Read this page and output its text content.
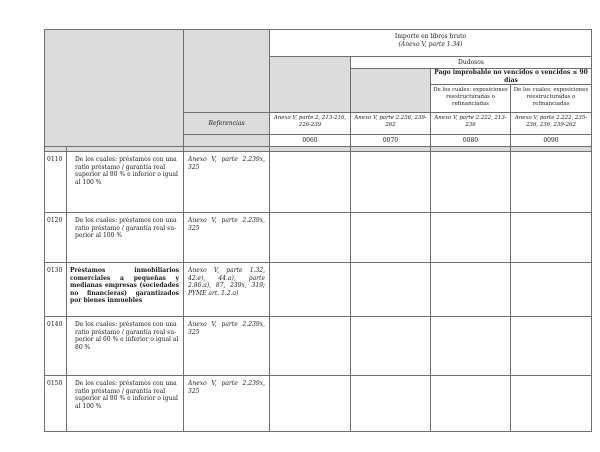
			Importe en libros bruto
(Anexo V, parte 1.34)			

				Dudosos		
					Pago improbable no vencidos o vencidos ≤ 90 días	
					De los cuales: exposiciones reestructuradas o refinanciadas	De los cuales: exposiciones reestructuradas o refinanciadas
		Referencias	Anexo V, parte 2, 213-216, 226-239	Anexo V, parte 2.236, 239-262	Anexo V, parte 2.222, 213-236	Anexo V, parte 2.222, 235-236, 236, 239-262
			0060	0070	0080	0090

0110	De los cuales: préstamos con una ratio préstamo / garantía real superior al 80 % e inferior o igual al 100 %	Anexo V, parte 2.239x, 325				
0120	De los cuales: préstamos con una ratio préstamo / garantía real superior al 100 %	Anexo V, parte 2.239x, 325				
0130	Préstamos inmobiliarios comerciales a pequeñas y medianas empresas (sociedades no financieras) garantizados por bienes inmuebles	Anexo V, parte 1.32, 42.e), 44.a), parte 2.86.a), 87, 239x, 319; PYME art. 1.2.a)				
0140	De los cuales: préstamos con una ratio préstamo / garantía real superior al 60 % e inferior o igual al 80 %	Anexo V, parte 2.239x, 325				
0150	De los cuales: préstamos con una ratio préstamo / garantía real superior al 80 % e inferior o igual al 100 %	Anexo V, parte 2.239x, 325				
